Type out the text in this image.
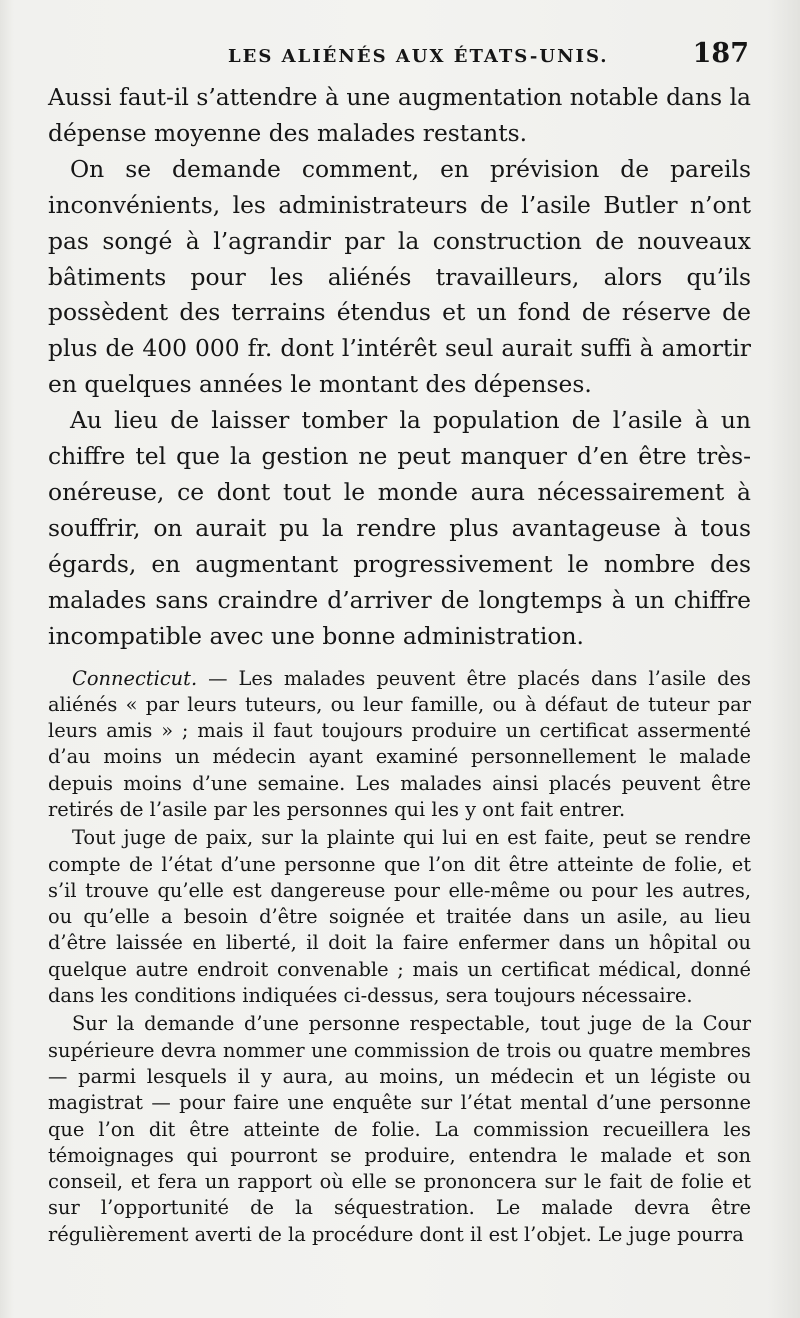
LES ALIÉNÉS AUX ÉTATS-UNIS.	187

Aussi faut-il s’attendre à une augmentation notable dans la dépense moyenne des malades restants.

On se demande comment, en prévision de pareils inconvénients, les administrateurs de l’asile Butler n’ont pas songé à l’agrandir par la construction de nouveaux bâtiments pour les aliénés travailleurs, alors qu’ils possèdent des terrains étendus et un fond de réserve de plus de 400 000 fr. dont l’intérêt seul aurait suffi à amortir en quelques années le montant des dépenses.

Au lieu de laisser tomber la population de l’asile à un chiffre tel que la gestion ne peut manquer d’en être très-onéreuse, ce dont tout le monde aura nécessairement à souffrir, on aurait pu la rendre plus avantageuse à tous égards, en augmentant progressivement le nombre des malades sans craindre d’arriver de longtemps à un chiffre incompatible avec une bonne administration.

Connecticut. — Les malades peuvent être placés dans l’asile des aliénés « par leurs tuteurs, ou leur famille, ou à défaut de tuteur par leurs amis » ; mais il faut toujours produire un certificat assermenté d’au moins un médecin ayant examiné personnellement le malade depuis moins d’une semaine. Les malades ainsi placés peuvent être retirés de l’asile par les personnes qui les y ont fait entrer.

Tout juge de paix, sur la plainte qui lui en est faite, peut se rendre compte de l’état d’une personne que l’on dit être atteinte de folie, et s’il trouve qu’elle est dangereuse pour elle-même ou pour les autres, ou qu’elle a besoin d’être soignée et traitée dans un asile, au lieu d’être laissée en liberté, il doit la faire enfermer dans un hôpital ou quelque autre endroit convenable ; mais un certificat médical, donné dans les conditions indiquées ci-dessus, sera toujours nécessaire.

Sur la demande d’une personne respectable, tout juge de la Cour supérieure devra nommer une commission de trois ou quatre membres — parmi lesquels il y aura, au moins, un médecin et un légiste ou magistrat — pour faire une enquête sur l’état mental d’une personne que l’on dit être atteinte de folie. La commission recueillera les témoignages qui pourront se produire, entendra le malade et son conseil, et fera un rapport où elle se prononcera sur le fait de folie et sur l’opportunité de la séquestration. Le malade devra être régulièrement averti de la procédure dont il est l’objet. Le juge pourra
